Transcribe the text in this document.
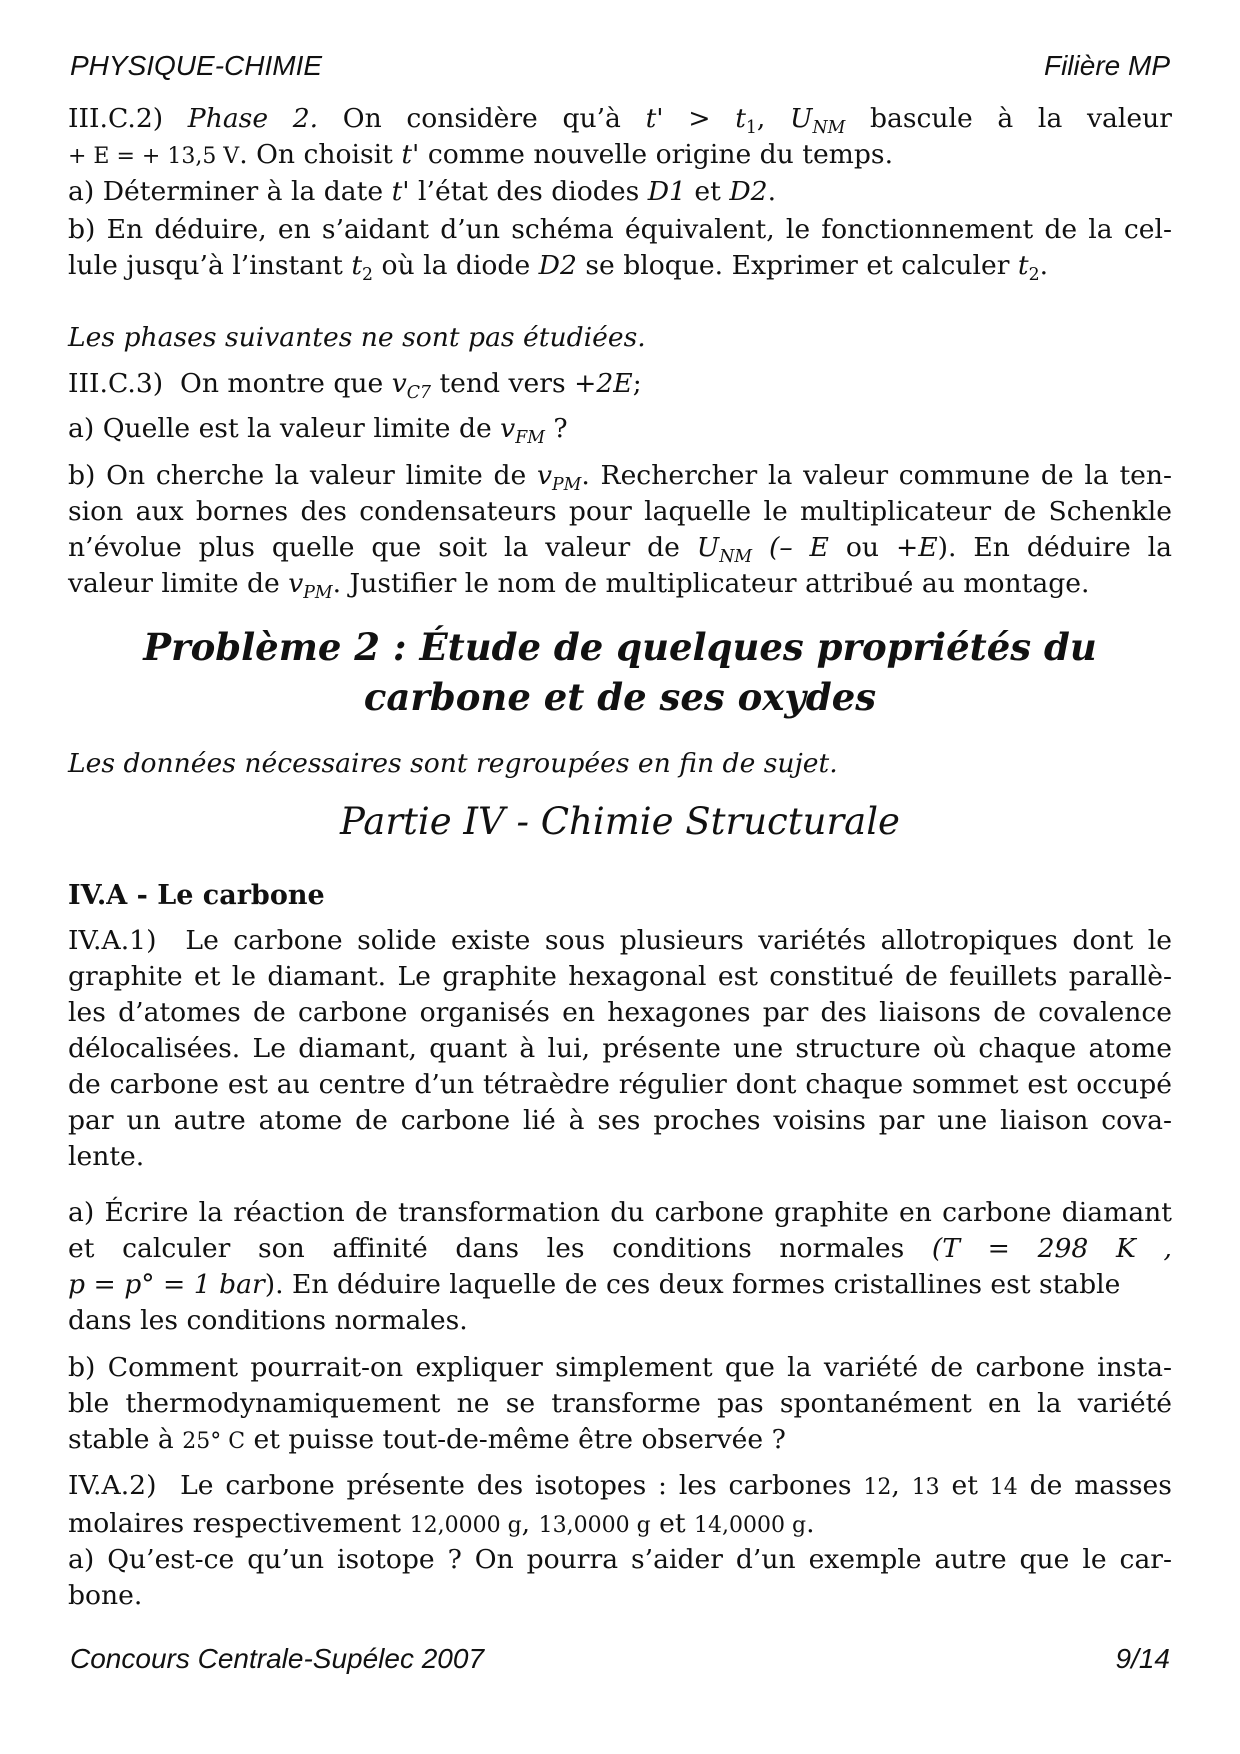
PHYSIQUE-CHIMIE	Filière MP
III.C.2) Phase 2. On considère qu’à $t' > t_1$, $U_{NM}$ bascule à la valeur
+ E = + 13,5 V. On choisit t' comme nouvelle origine du temps.
a) Déterminer à la date t' l’état des diodes D1 et D2.
b) En déduire, en s’aidant d’un schéma équivalent, le fonctionnement de la cel-
lule jusqu’à l’instant $t_2$ où la diode D2 se bloque. Exprimer et calculer $t_2$.
Les phases suivantes ne sont pas étudiées.
III.C.3) On montre que $v_{C7}$ tend vers +2E;
a) Quelle est la valeur limite de $v_{FM}$ ?
b) On cherche la valeur limite de $v_{PM}$. Rechercher la valeur commune de la ten-
sion aux bornes des condensateurs pour laquelle le multiplicateur de Schenkle
n’évolue plus quelle que soit la valeur de $U_{NM}$ (– E ou +E). En déduire la
valeur limite de $v_{PM}$. Justifier le nom de multiplicateur attribué au montage.
Problème 2 : Étude de quelques propriétés du
carbone et de ses oxydes
Les données nécessaires sont regroupées en fin de sujet.
Partie IV - Chimie Structurale
IV.A - Le carbone
IV.A.1) Le carbone solide existe sous plusieurs variétés allotropiques dont le
graphite et le diamant. Le graphite hexagonal est constitué de feuillets parallè-
les d’atomes de carbone organisés en hexagones par des liaisons de covalence
délocalisées. Le diamant, quant à lui, présente une structure où chaque atome
de carbone est au centre d’un tétraèdre régulier dont chaque sommet est occupé
par un autre atome de carbone lié à ses proches voisins par une liaison cova-
lente.
a) Écrire la réaction de transformation du carbone graphite en carbone diamant
et calculer son affinité dans les conditions normales (T = 298 K ,
p = p° = 1 bar). En déduire laquelle de ces deux formes cristallines est stable
dans les conditions normales.
b) Comment pourrait-on expliquer simplement que la variété de carbone insta-
ble thermodynamiquement ne se transforme pas spontanément en la variété
stable à 25° C et puisse tout-de-même être observée ?
IV.A.2) Le carbone présente des isotopes : les carbones 12, 13 et 14 de masses
molaires respectivement 12,0000 g, 13,0000 g et 14,0000 g.
a) Qu’est-ce qu’un isotope ? On pourra s’aider d’un exemple autre que le car-
bone.
Concours Centrale-Supélec 2007	9/14
